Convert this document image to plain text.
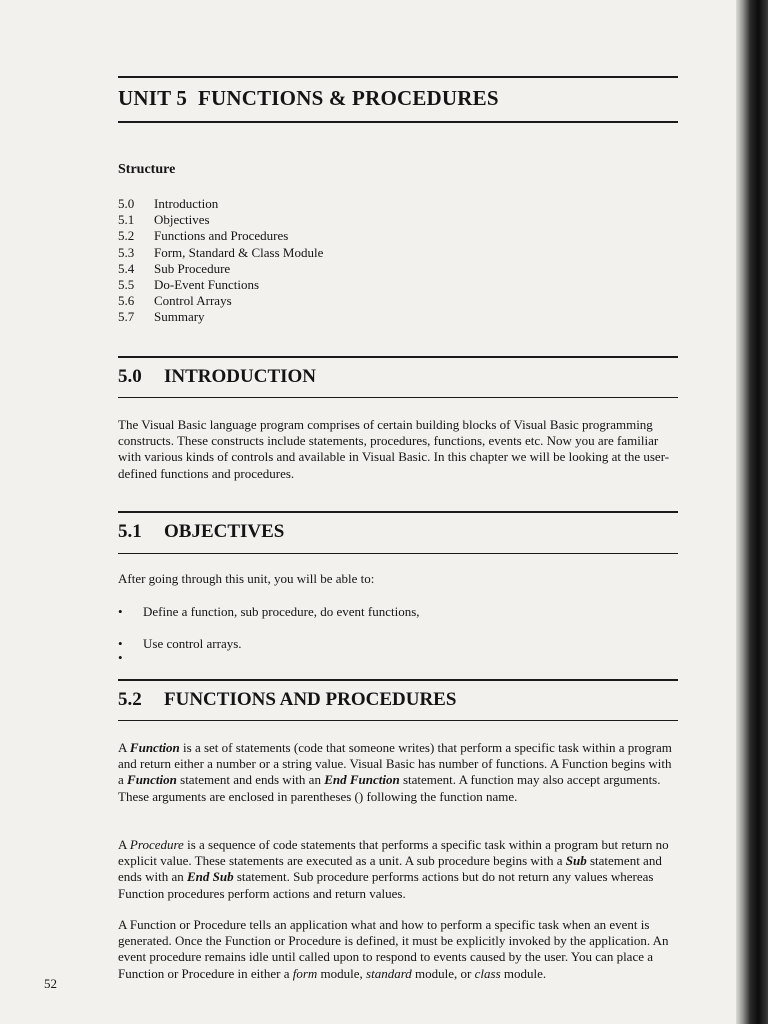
UNIT 5  FUNCTIONS & PROCEDURES

Structure

5.0 Introduction
5.1 Objectives
5.2 Functions and Procedures
5.3 Form, Standard & Class Module
5.4 Sub Procedure
5.5 Do-Event Functions
5.6 Control Arrays
5.7 Summary
5.0 INTRODUCTION

The Visual Basic language program comprises of certain building blocks of Visual Basic programming constructs. These constructs include statements, procedures, functions, events etc. Now you are familiar with various kinds of controls and available in Visual Basic. In this chapter we will be looking at the user-defined functions and procedures.

5.1 OBJECTIVES

After going through this unit, you will be able to:

• Define a function, sub procedure, do event functions,
• Use control arrays.
•
5.2 FUNCTIONS AND PROCEDURES

A Function is a set of statements (code that someone writes) that perform a specific task within a program and return either a number or a string value. Visual Basic has number of functions. A Function begins with a Function statement and ends with an End Function statement. A function may also accept arguments. These arguments are enclosed in parentheses () following the function name.

A Procedure is a sequence of code statements that performs a specific task within a program but return no explicit value. These statements are executed as a unit. A sub procedure begins with a Sub statement and ends with an End Sub statement. Sub procedure performs actions but do not return any values whereas Function procedures perform actions and return values.

A Function or Procedure tells an application what and how to perform a specific task when an event is generated. Once the Function or Procedure is defined, it must be explicitly invoked by the application. An event procedure remains idle until called upon to respond to events caused by the user. You can place a Function or Procedure in either a form module, standard module, or class module.

52
